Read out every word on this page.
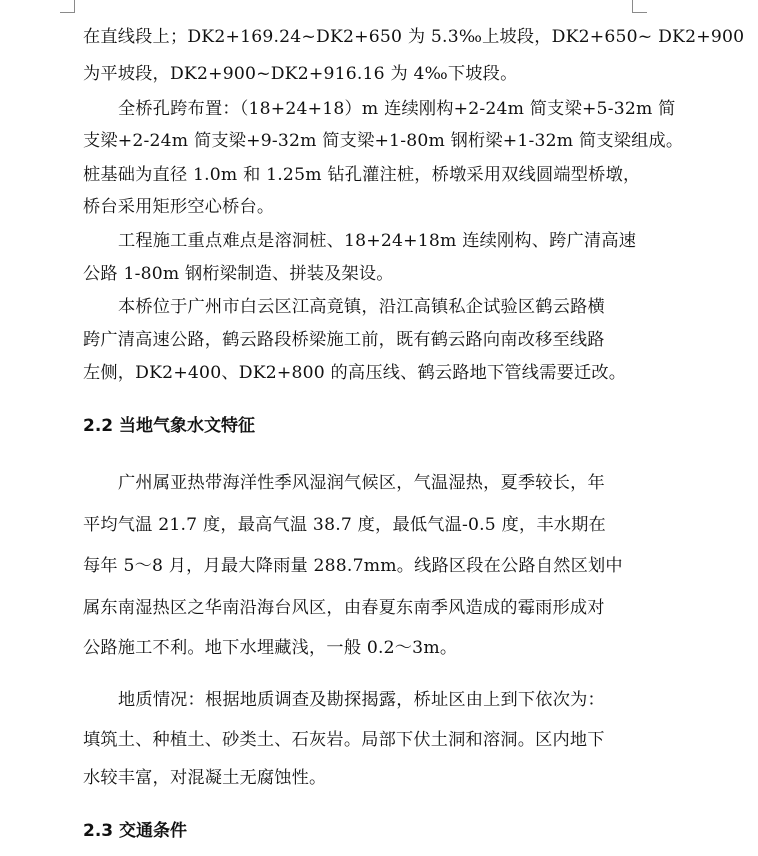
在直线段上；DK2+169.24~DK2+650 为 5.3‰上坡段，DK2+650~ DK2+900
为平坡段，DK2+900~DK2+916.16 为 4‰下坡段。
全桥孔跨布置：（18+24+18）m 连续刚构+2-24m 简支梁+5-32m 简
支梁+2-24m 简支梁+9-32m 简支梁+1-80m 钢桁梁+1-32m 简支梁组成。
桩基础为直径 1.0m 和 1.25m 钻孔灌注桩，桥墩采用双线圆端型桥墩，
桥台采用矩形空心桥台。
工程施工重点难点是溶洞桩、18+24+18m 连续刚构、跨广清高速
公路 1-80m 钢桁梁制造、拼装及架设。
本桥位于广州市白云区江高竟镇，沿江高镇私企试验区鹤云路横
跨广清高速公路，鹤云路段桥梁施工前，既有鹤云路向南改移至线路
左侧，DK2+400、DK2+800 的高压线、鹤云路地下管线需要迁改。
2.2 当地气象水文特征
广州属亚热带海洋性季风湿润气候区，气温湿热，夏季较长，年
平均气温 21.7 度，最高气温 38.7 度，最低气温-0.5 度，丰水期在
每年 5～8 月，月最大降雨量 288.7mm。线路区段在公路自然区划中
属东南湿热区之华南沿海台风区，由春夏东南季风造成的霉雨形成对
公路施工不利。地下水埋藏浅，一般 0.2～3m。
地质情况：根据地质调查及勘探揭露，桥址区由上到下依次为：
填筑土、种植土、砂类土、石灰岩。局部下伏土洞和溶洞。区内地下
水较丰富，对混凝土无腐蚀性。
2.3 交通条件
